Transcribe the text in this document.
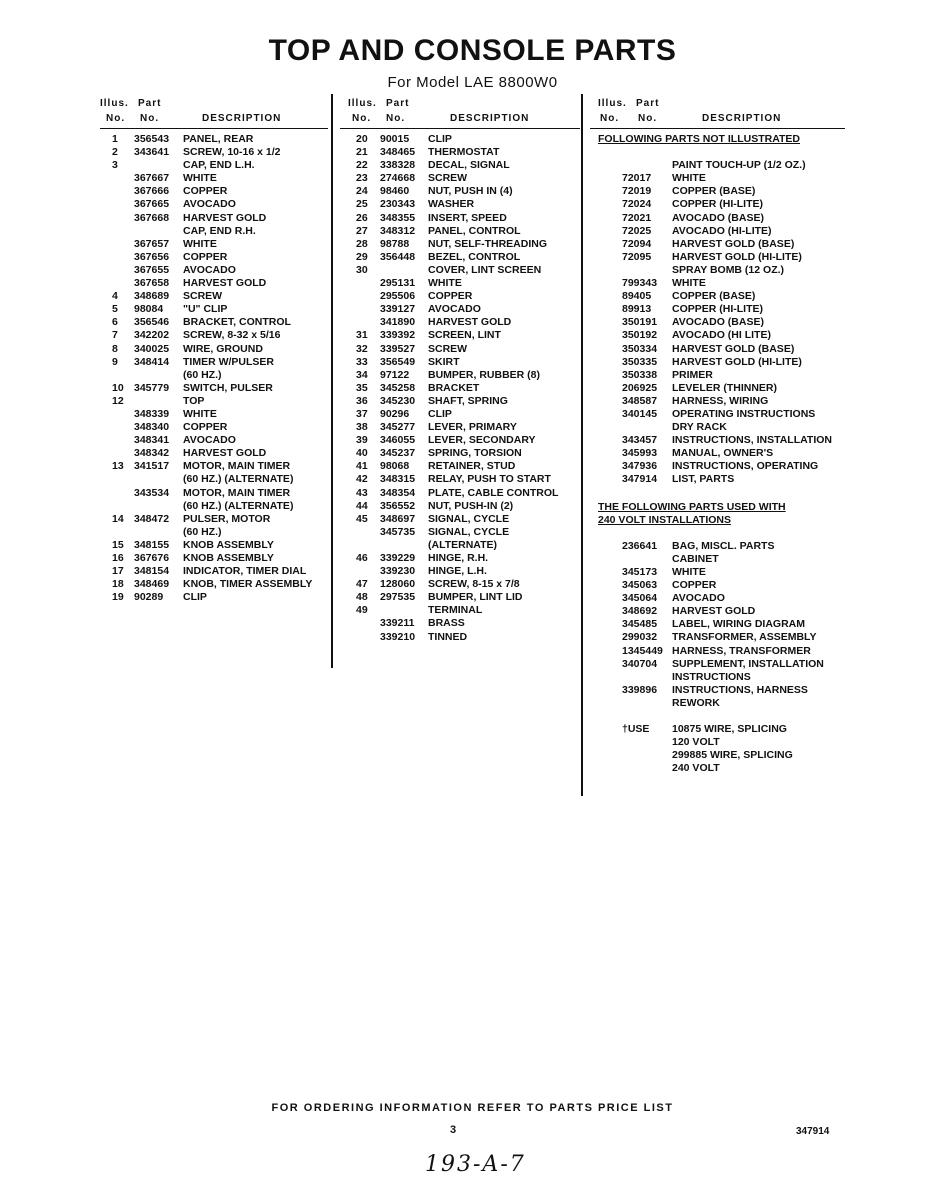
TOP AND CONSOLE PARTS
For Model LAE 8800W0
Illus. Part
No. No.	DESCRIPTION
1 356543 PANEL, REAR
2 343641 SCREW, 10-16 x 1/2
3	CAP, END L.H.
367667 WHITE
367666 COPPER
367665 AVOCADO
367668 HARVEST GOLD
CAP, END R.H.
367657 WHITE
367656 COPPER
367655 AVOCADO
367658 HARVEST GOLD
4 348689 SCREW
5 98084 "U" CLIP
6 356546 BRACKET, CONTROL
7 342202 SCREW, 8-32 x 5/16
8 340025 WIRE, GROUND
9 348414 TIMER W/PULSER
(60 HZ.)
10 345779 SWITCH, PULSER
12	TOP
348339 WHITE
348340 COPPER
348341 AVOCADO
348342 HARVEST GOLD
13 341517 MOTOR, MAIN TIMER
(60 HZ.) (ALTERNATE)
343534 MOTOR, MAIN TIMER
(60 HZ.) (ALTERNATE)
14 348472 PULSER, MOTOR
(60 HZ.)
15 348155 KNOB ASSEMBLY
16 367676 KNOB ASSEMBLY
17 348154 INDICATOR, TIMER DIAL
18 348469 KNOB, TIMER ASSEMBLY
19 90289 CLIP
Illus. Part
No. No.	DESCRIPTION
20 90015 CLIP
21 348465 THERMOSTAT
22 338328 DECAL, SIGNAL
23 274668 SCREW
24 98460 NUT, PUSH IN (4)
25 230343 WASHER
26 348355 INSERT, SPEED
27 348312 PANEL, CONTROL
28 98788 NUT, SELF-THREADING
29 356448 BEZEL, CONTROL
30	COVER, LINT SCREEN
295131 WHITE
295506 COPPER
339127 AVOCADO
341890 HARVEST GOLD
31 339392 SCREEN, LINT
32 339527 SCREW
33 356549 SKIRT
34 97122 BUMPER, RUBBER (8)
35 345258 BRACKET
36 345230 SHAFT, SPRING
37 90296 CLIP
38 345277 LEVER, PRIMARY
39 346055 LEVER, SECONDARY
40 345237 SPRING, TORSION
41 98068 RETAINER, STUD
42 348315 RELAY, PUSH TO START
43 348354 PLATE, CABLE CONTROL
44 356552 NUT, PUSH-IN (2)
45 348697 SIGNAL, CYCLE
345735 SIGNAL, CYCLE
(ALTERNATE)
46 339229 HINGE, R.H.
339230 HINGE, L.H.
47 128060 SCREW, 8-15 x 7/8
48 297535 BUMPER, LINT LID
49	TERMINAL
339211 BRASS
339210 TINNED
Illus. Part
No. No.	DESCRIPTION
FOLLOWING PARTS NOT ILLUSTRATED
PAINT TOUCH-UP (1/2 OZ.)
72017 WHITE
72019 COPPER (BASE)
72024 COPPER (HI-LITE)
72021 AVOCADO (BASE)
72025 AVOCADO (HI-LITE)
72094 HARVEST GOLD (BASE)
72095 HARVEST GOLD (HI-LITE)
SPRAY BOMB (12 OZ.)
799343 WHITE
89405 COPPER (BASE)
89913 COPPER (HI-LITE)
350191 AVOCADO (BASE)
350192 AVOCADO (HI LITE)
350334 HARVEST GOLD (BASE)
350335 HARVEST GOLD (HI-LITE)
350338 PRIMER
206925 LEVELER (THINNER)
348587 HARNESS, WIRING
340145 OPERATING INSTRUCTIONS
DRY RACK
343457 INSTRUCTIONS, INSTALLATION
345993 MANUAL, OWNER'S
347936 INSTRUCTIONS, OPERATING
347914 LIST, PARTS
THE FOLLOWING PARTS USED WITH
240 VOLT INSTALLATIONS
236641 BAG, MISCL. PARTS
CABINET
345173 WHITE
345063 COPPER
345064 AVOCADO
348692 HARVEST GOLD
345485 LABEL, WIRING DIAGRAM
299032 TRANSFORMER, ASSEMBLY
1345449 HARNESS, TRANSFORMER
340704 SUPPLEMENT, INSTALLATION
INSTRUCTIONS
339896 INSTRUCTIONS, HARNESS
REWORK
†USE 10875 WIRE, SPLICING
120 VOLT
299885 WIRE, SPLICING
240 VOLT
FOR ORDERING INFORMATION REFER TO PARTS PRICE LIST
3	347914
193-A-7
